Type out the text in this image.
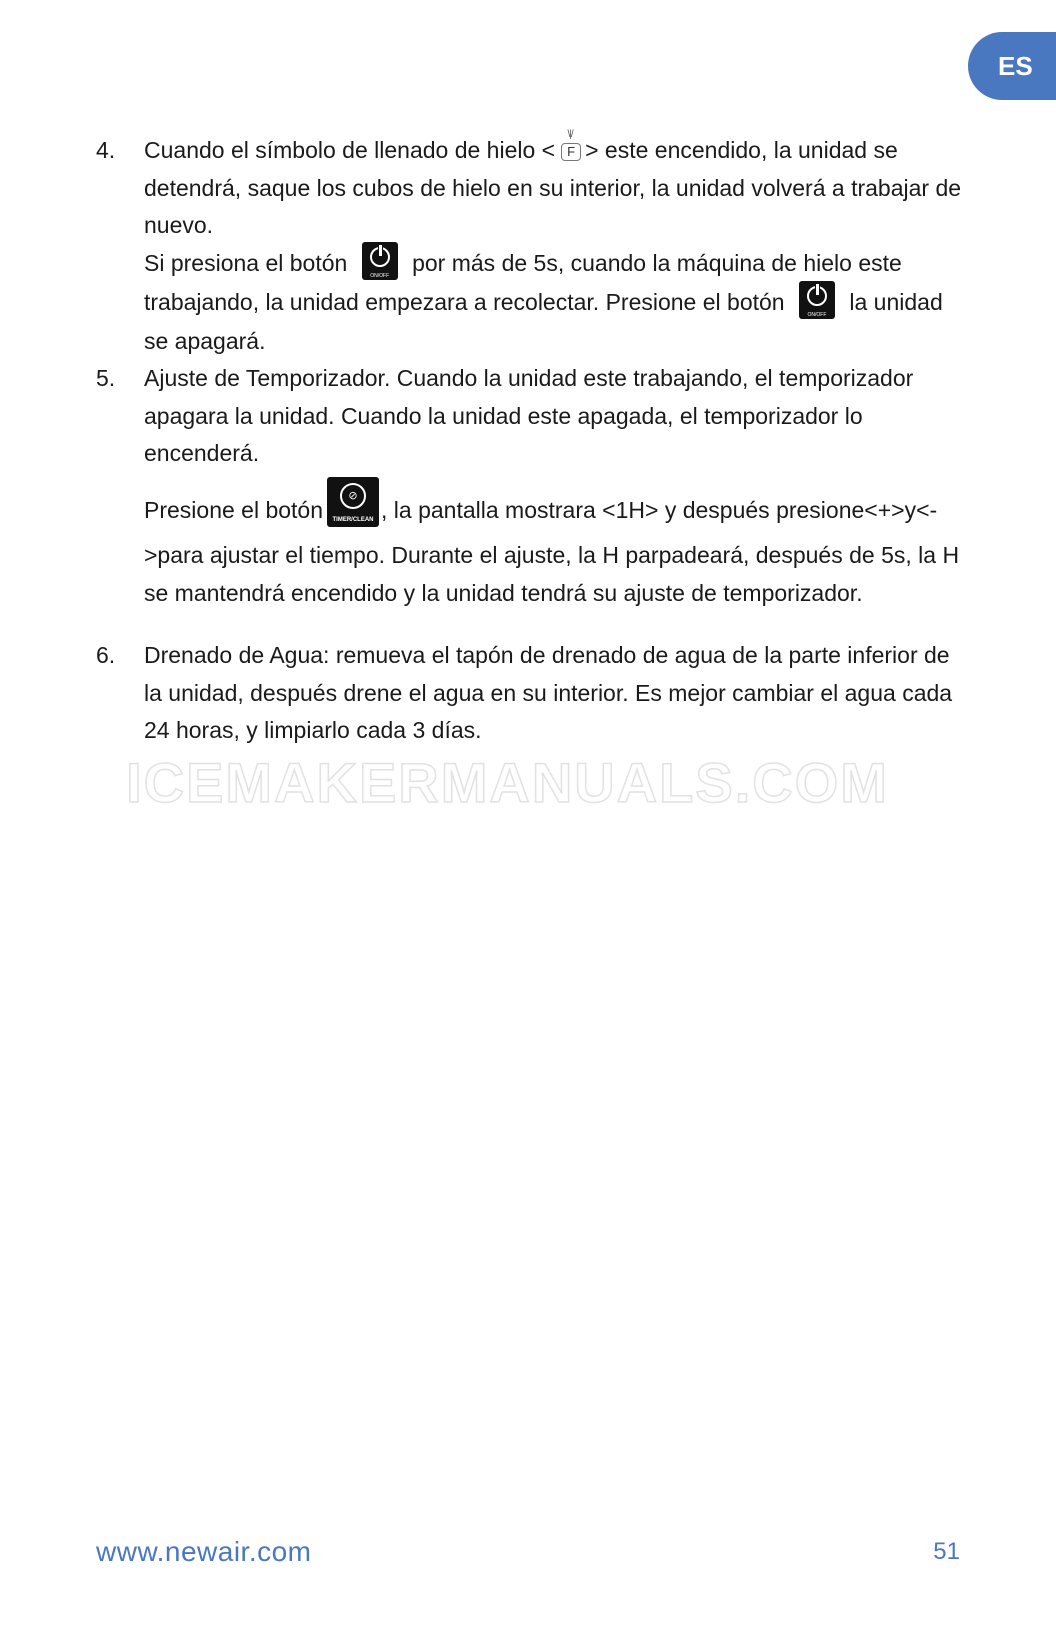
ES
4.	Cuando el símbolo de llenado de hielo <
\|/
F > este encendido, la unidad se detendrá, saque los cubos de hielo en su interior, la unidad volverá a trabajar de nuevo.

Si presiona el botón	ON/OFF por más de 5s, cuando la máquina de hielo este trabajando, la unidad empezara a recolectar. Presione el botón	ON/OFF la unidad se apagará.

5.	Ajuste de Temporizador. Cuando la unidad este trabajando, el temporizador apagara la unidad. Cuando la unidad este apagada, el temporizador lo encenderá.

Presione el botón
⊘
TIMER/CLEAN , la pantalla mostrara <1H> y después presione<+>y<->para ajustar el tiempo. Durante el ajuste, la H parpadeará, después de 5s, la H se mantendrá encendido y la unidad tendrá su ajuste de temporizador.

6.	Drenado de Agua: remueva el tapón de drenado de agua de la parte inferior de la unidad, después drene el agua en su interior. Es mejor cambiar el agua cada 24 horas, y limpiarlo cada 3 días.

ICEMAKERMANUALS.COM
www.newair.com	51
